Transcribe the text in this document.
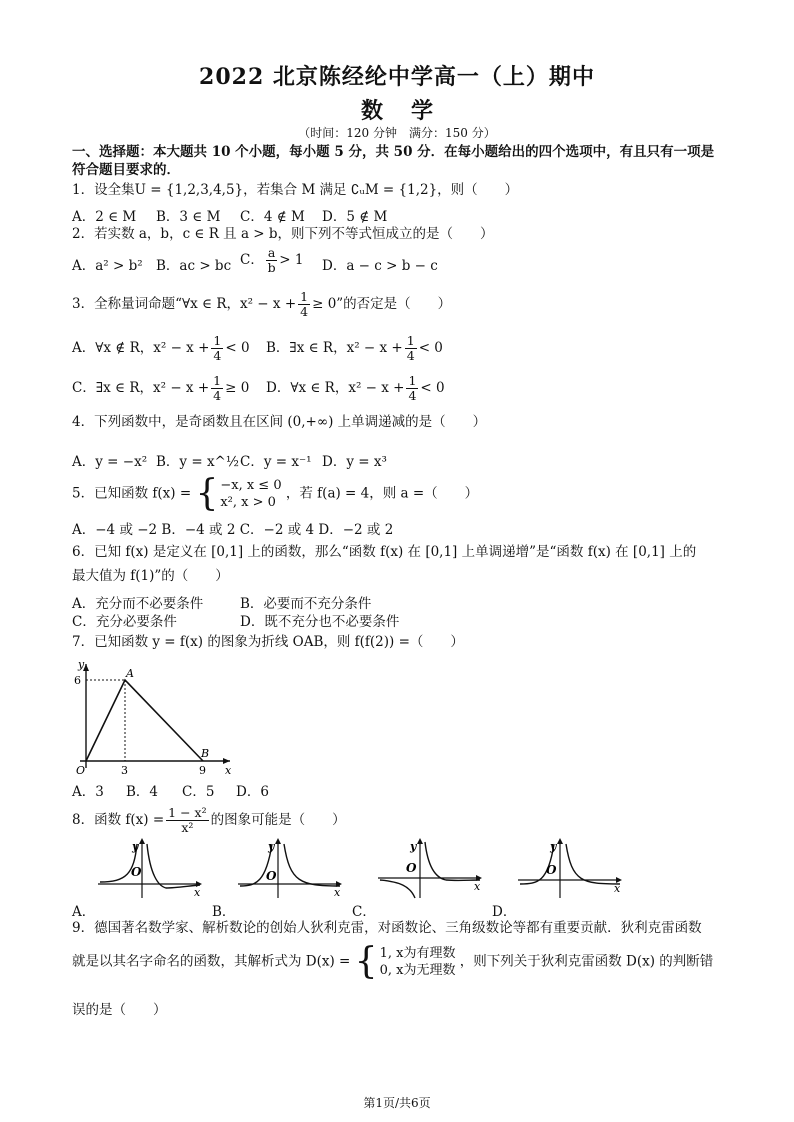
2022 北京陈经纶中学高一（上）期中
数学
（时间：120 分钟　满分：150 分）
一、选择题：本大题共 10 个小题，每小题 5 分，共 50 分．在每小题给出的四个选项中，有且只有一项是
符合题目要求的．
1．设全集U = {1,2,3,4,5}，若集合 M 满足 ∁ᵤM = {1,2}，则（　　）
A．2 ∈ M B．3 ∈ M C．4 ∉ M D．5 ∉ M
2．若实数 a，b，c ∈ R 且 a > b，则下列不等式恒成立的是（　　）
A．a² > b² B．ac > bc C． $\frac{a}{b} > 1$ D．a − c > b − c
3．全称量词命题“∀x ∈ R，$x^2 - x + \frac{1}{4} \ge 0$”的否定是（　　）
A．∀x ∉ R，$x^2 - x + \frac{1}{4} < 0$ B．∃x ∈ R，$x^2 - x + \frac{1}{4} < 0$
C．∃x ∈ R，$x^2 - x + \frac{1}{4} \ge 0$ D．∀x ∈ R，$x^2 - x + \frac{1}{4} < 0$
4．下列函数中，是奇函数且在区间 (0,+∞) 上单调递减的是（　　）
A．y = −x² B．y = x^½ C．y = x⁻¹ D．y = x³
5．已知函数 f(x) = { −x, x ≤ 0
x², x > 0
，若 f(a) = 4，则 a =（　　）
A．−4 或 −2 B．−4 或 2 C．−2 或 4 D．−2 或 2
6．已知 f(x) 是定义在 [0,1] 上的函数，那么“函数 f(x) 在 [0,1] 上单调递增”是“函数 f(x) 在 [0,1] 上的
最大值为 f(1)”的（　　）
A．充分而不必要条件	B．必要而不充分条件
C．充分必要条件	D．既不充分也不必要条件
7．已知函数 y = f(x) 的图象为折线 OAB，则 f(f(2)) =（　　）
y
x
O
A
B
6
3	9
A．3 B．4 C．5 D．6
8．函数 $f(x) = \frac{\text{1 − x²}}{\text{x²}}$ 的图象可能是（　　）
O
y
x
O
y
x
O
y
x
O
y
x
A．	B．	C．	D．
9．德国著名数学家、解析数论的创始人狄利克雷，对函数论、三角级数论等都有重要贡献．狄利克雷函数
就是以其名字命名的函数，其解析式为 D(x) = { 1, x为有理数
0, x为无理数
，则下列关于狄利克雷函数 D(x) 的判断错
误的是（　　）
第1页/共6页
